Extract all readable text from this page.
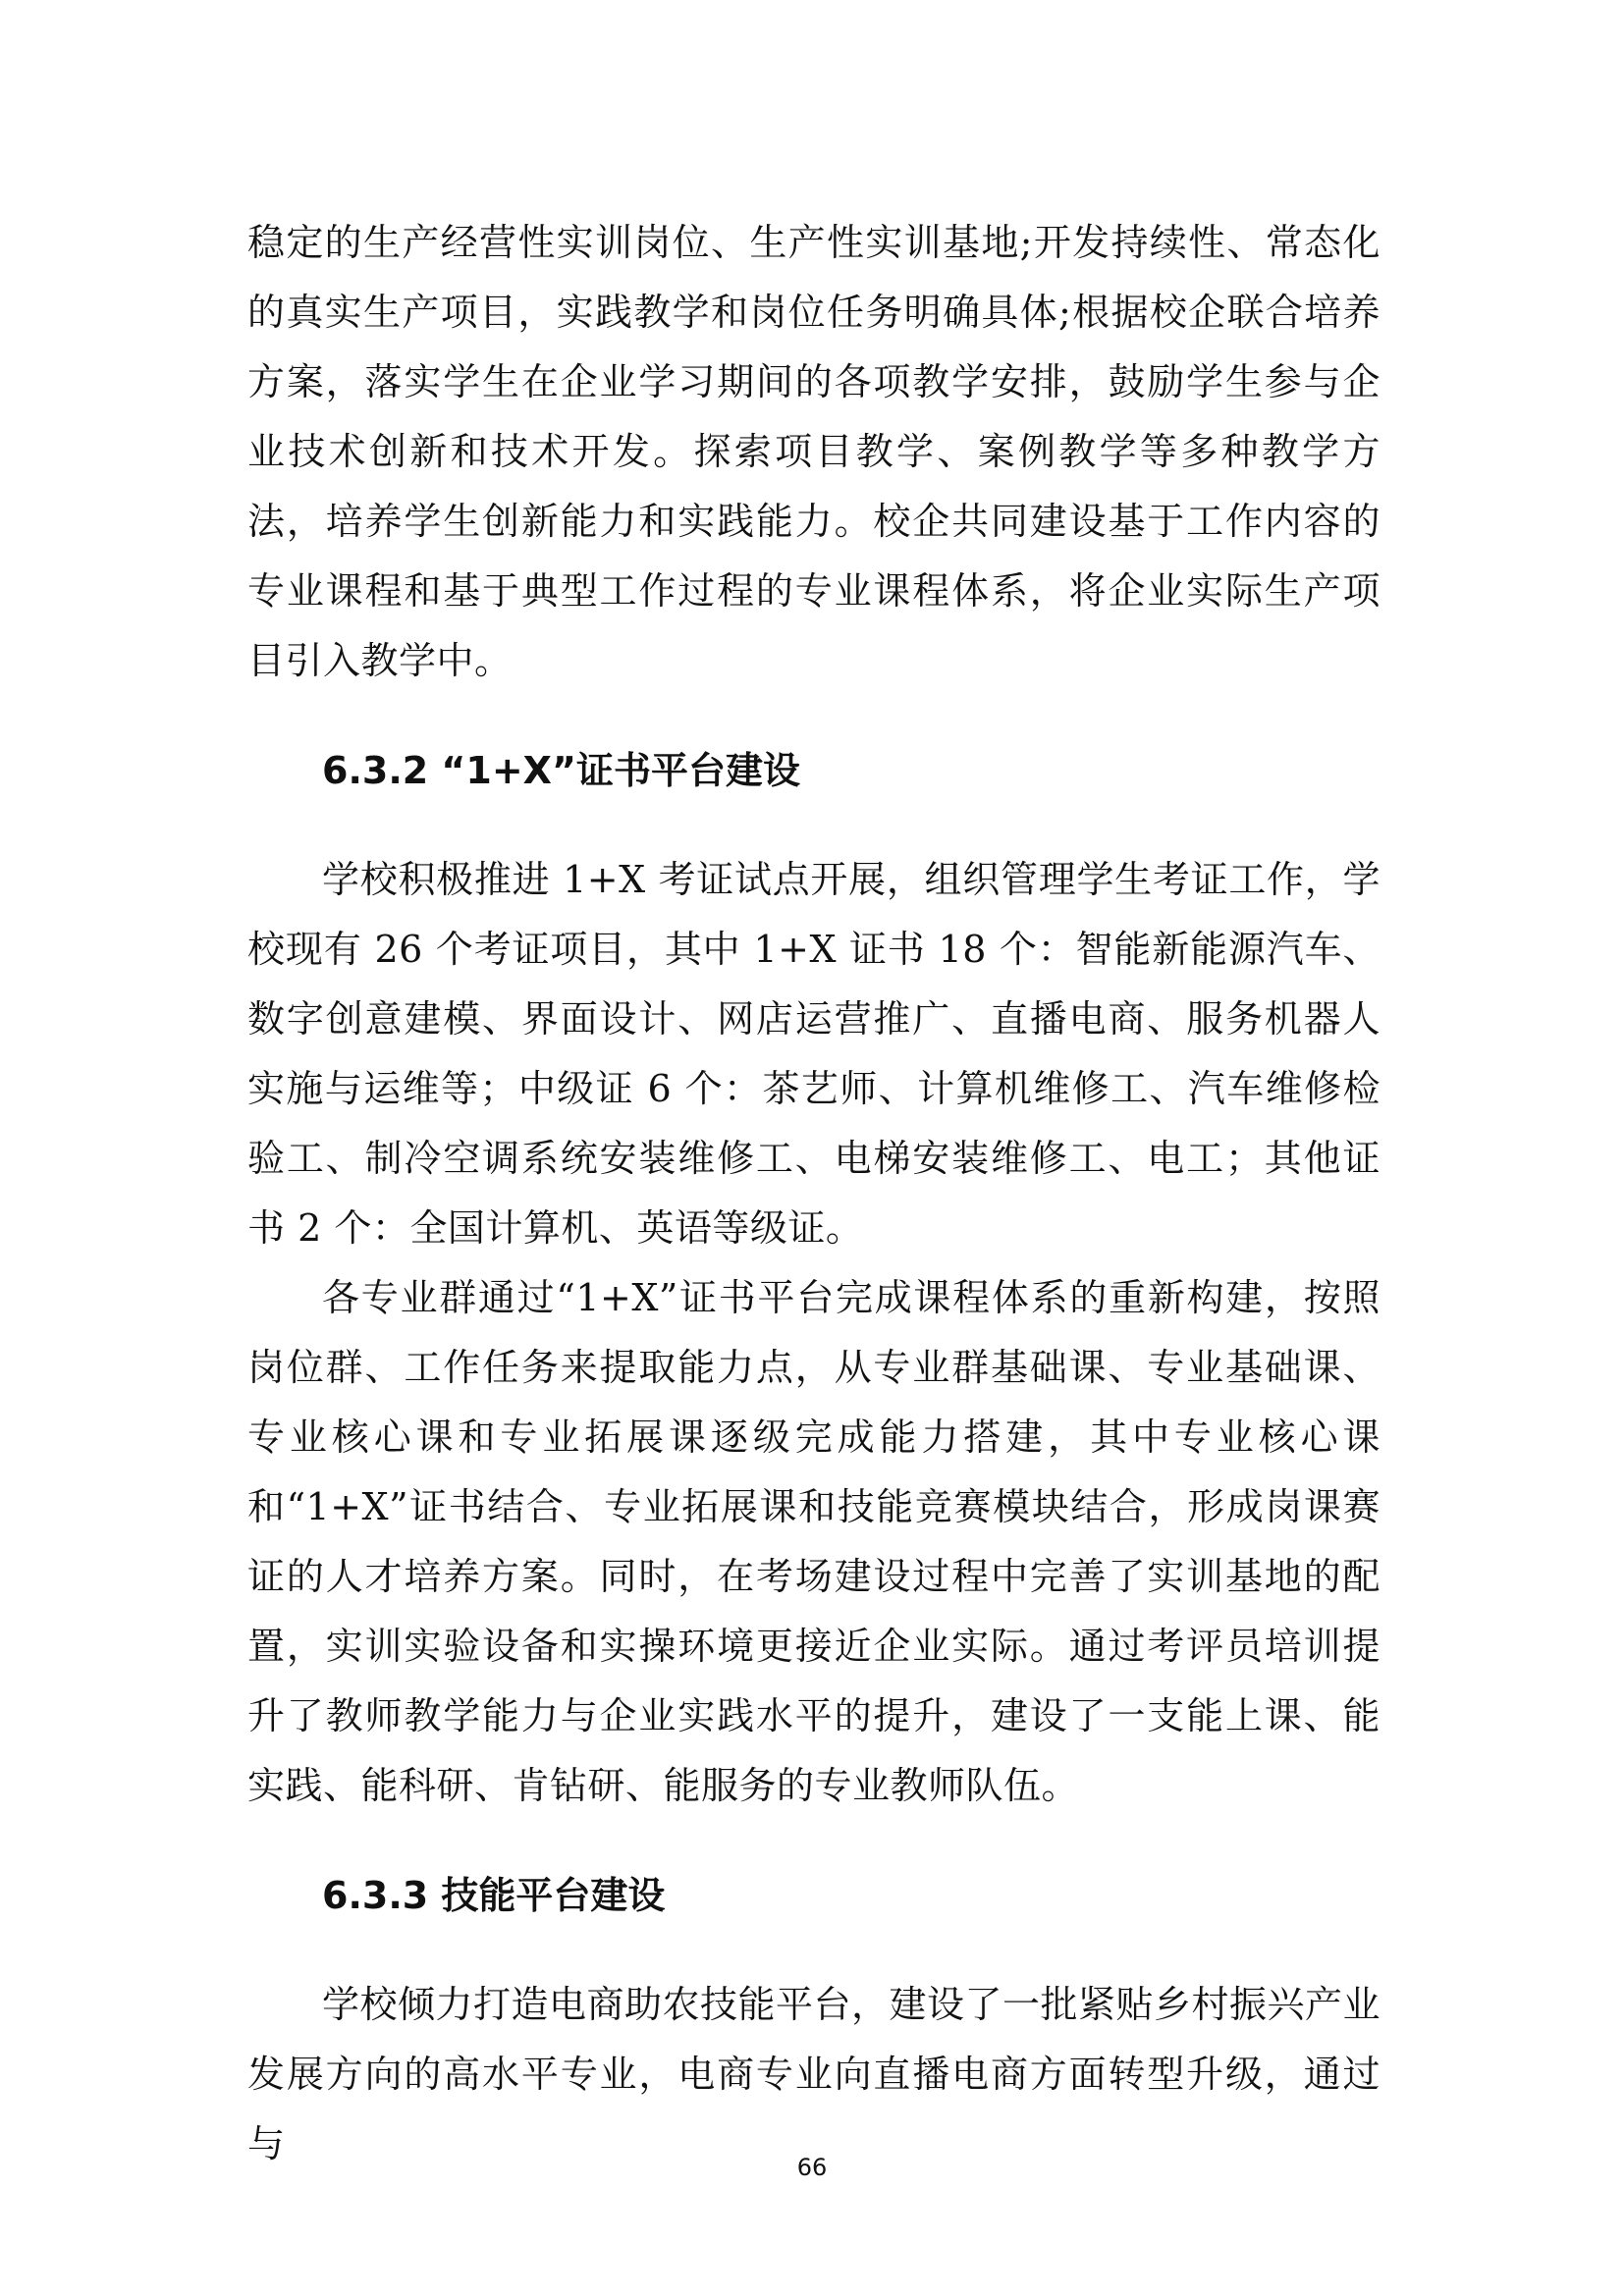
稳定的生产经营性实训岗位、生产性实训基地;开发持续性、常态化的真实生产项目，实践教学和岗位任务明确具体;根据校企联合培养方案，落实学生在企业学习期间的各项教学安排，鼓励学生参与企业技术创新和技术开发。探索项目教学、案例教学等多种教学方法，培养学生创新能力和实践能力。校企共同建设基于工作内容的专业课程和基于典型工作过程的专业课程体系，将企业实际生产项目引入教学中。

6.3.2 “1+X”证书平台建设

学校积极推进 1+X 考证试点开展，组织管理学生考证工作，学校现有 26 个考证项目，其中 1+X 证书 18 个：智能新能源汽车、数字创意建模、界面设计、网店运营推广、直播电商、服务机器人实施与运维等；中级证 6 个：茶艺师、计算机维修工、汽车维修检验工、制冷空调系统安装维修工、电梯安装维修工、电工；其他证书 2 个：全国计算机、英语等级证。

各专业群通过“1+X”证书平台完成课程体系的重新构建，按照岗位群、工作任务来提取能力点，从专业群基础课、专业基础课、专业核心课和专业拓展课逐级完成能力搭建，其中专业核心课和“1+X”证书结合、专业拓展课和技能竞赛模块结合，形成岗课赛证的人才培养方案。同时，在考场建设过程中完善了实训基地的配置，实训实验设备和实操环境更接近企业实际。通过考评员培训提升了教师教学能力与企业实践水平的提升，建设了一支能上课、能实践、能科研、肯钻研、能服务的专业教师队伍。

6.3.3 技能平台建设

学校倾力打造电商助农技能平台，建设了一批紧贴乡村振兴产业发展方向的高水平专业，电商专业向直播电商方面转型升级，通过与

66
